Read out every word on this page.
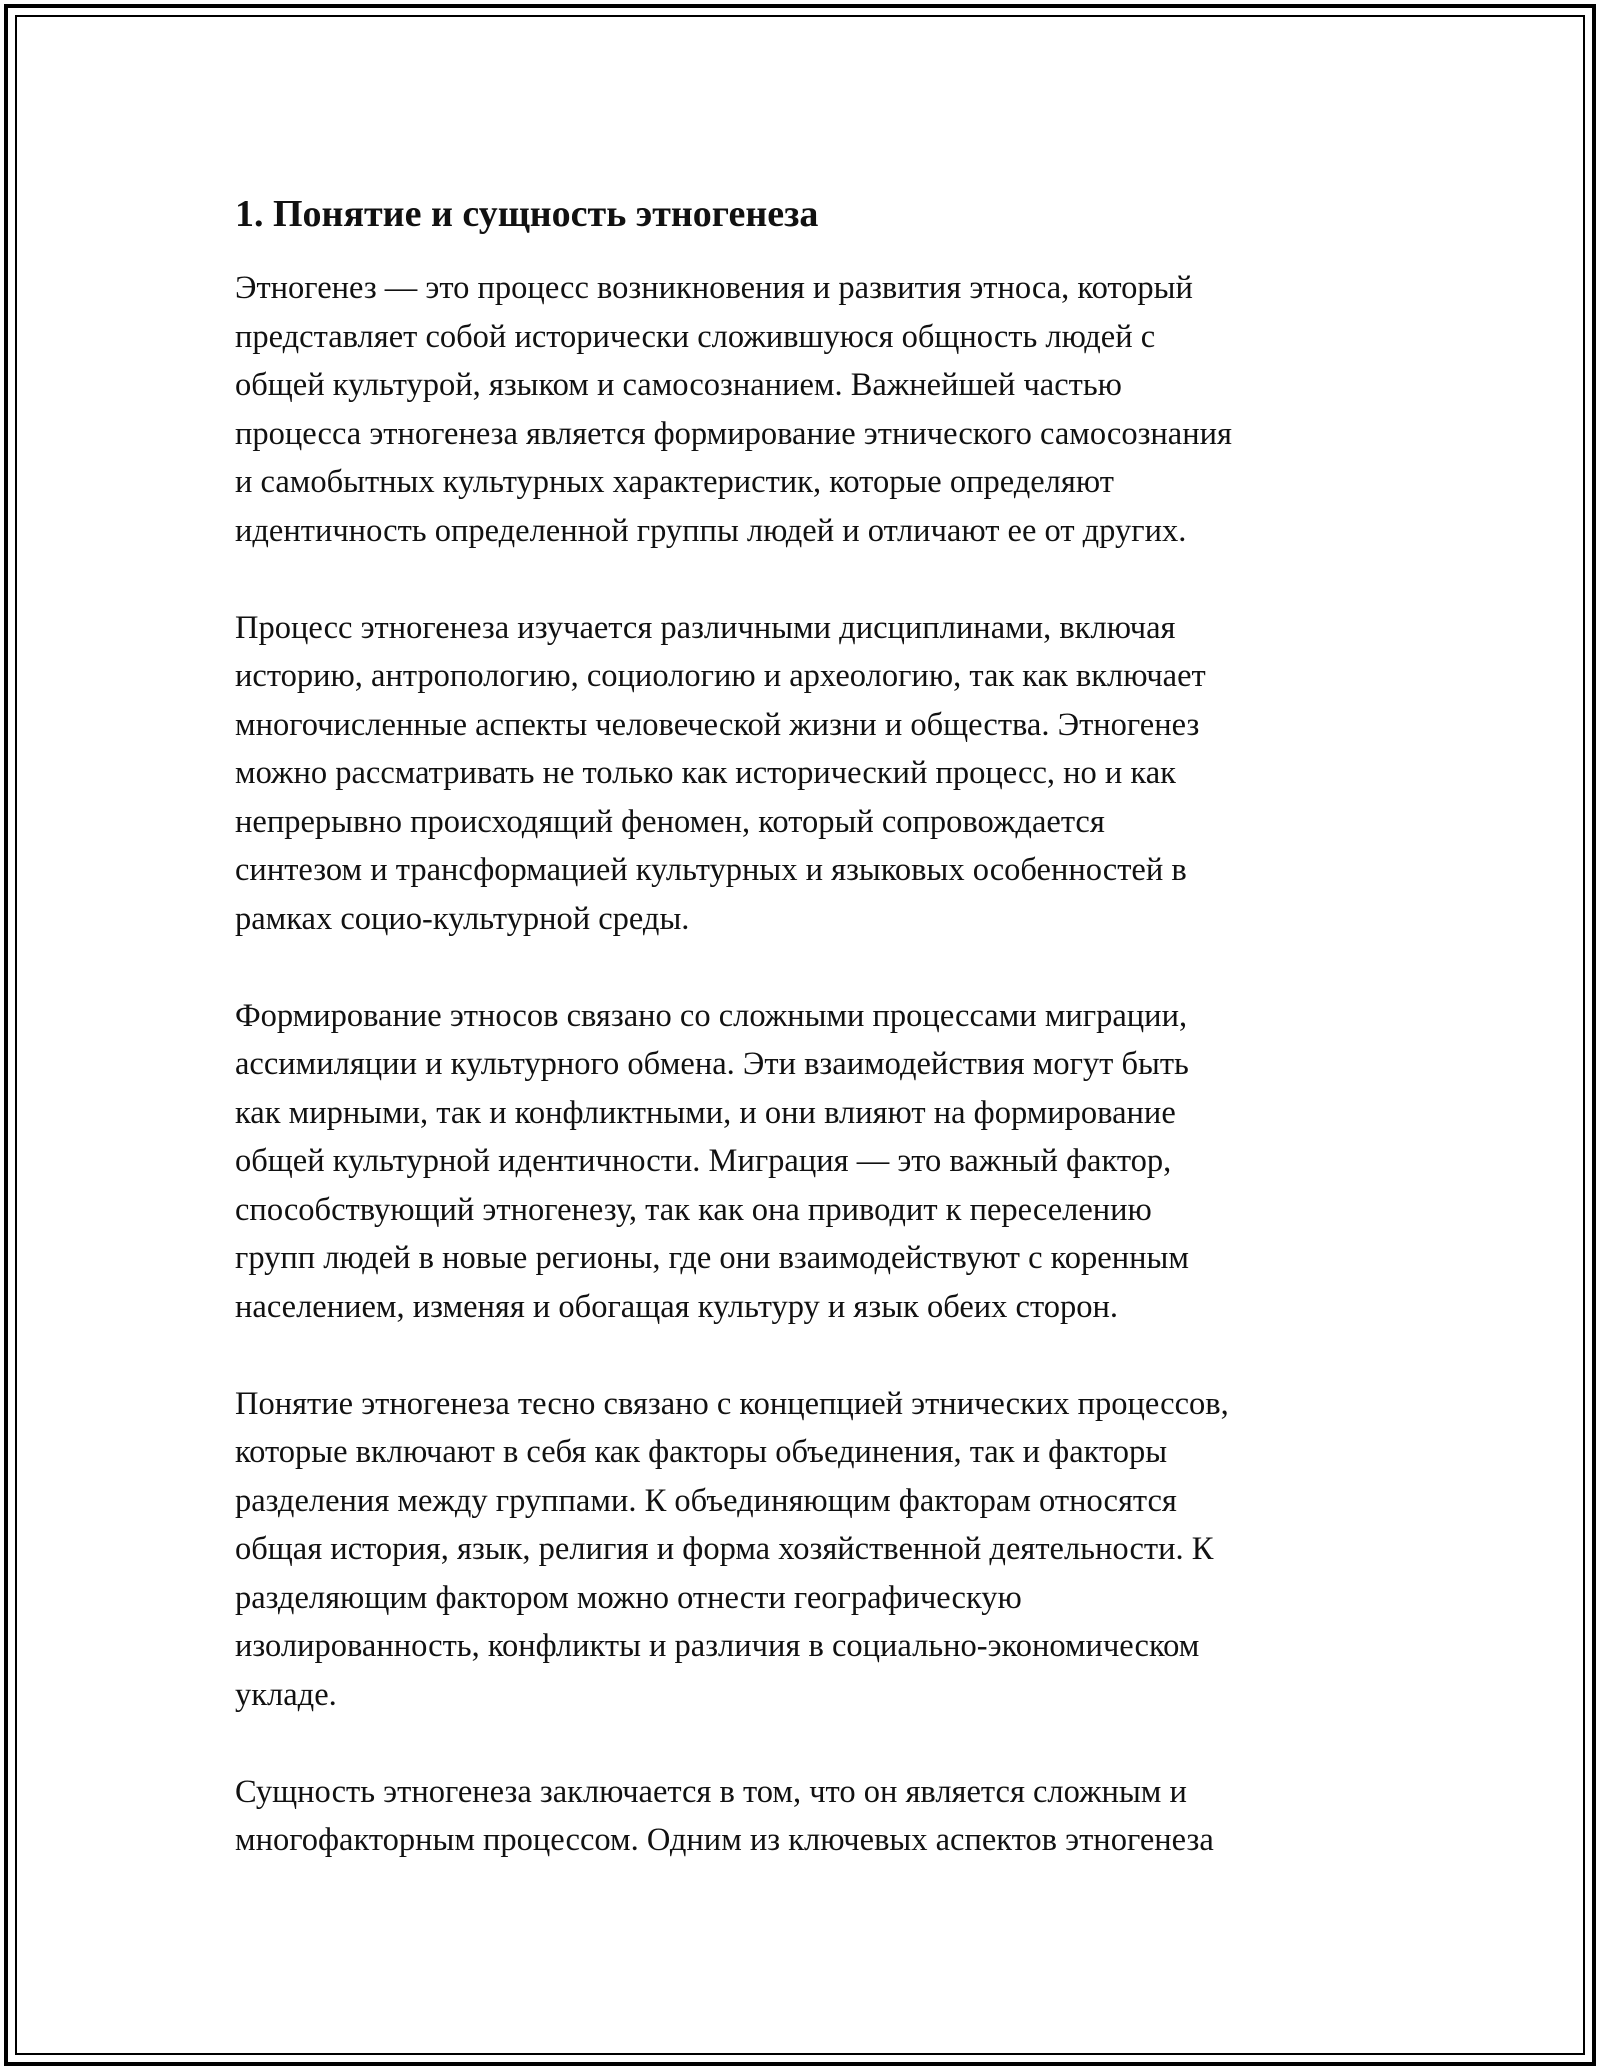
1. Понятие и сущность этногенеза
Этногенез — это процесс возникновения и развития этноса, который
представляет собой исторически сложившуюся общность людей с
общей культурой, языком и самосознанием. Важнейшей частью
процесса этногенеза является формирование этнического самосознания
и самобытных культурных характеристик, которые определяют
идентичность определенной группы людей и отличают ее от других.
Процесс этногенеза изучается различными дисциплинами, включая
историю, антропологию, социологию и археологию, так как включает
многочисленные аспекты человеческой жизни и общества. Этногенез
можно рассматривать не только как исторический процесс, но и как
непрерывно происходящий феномен, который сопровождается
синтезом и трансформацией культурных и языковых особенностей в
рамках социо-культурной среды.
Формирование этносов связано со сложными процессами миграции,
ассимиляции и культурного обмена. Эти взаимодействия могут быть
как мирными, так и конфликтными, и они влияют на формирование
общей культурной идентичности. Миграция — это важный фактор,
способствующий этногенезу, так как она приводит к переселению
групп людей в новые регионы, где они взаимодействуют с коренным
населением, изменяя и обогащая культуру и язык обеих сторон.
Понятие этногенеза тесно связано с концепцией этнических процессов,
которые включают в себя как факторы объединения, так и факторы
разделения между группами. К объединяющим факторам относятся
общая история, язык, религия и форма хозяйственной деятельности. К
разделяющим фактором можно отнести географическую
изолированность, конфликты и различия в социально-экономическом
укладе.
Сущность этногенеза заключается в том, что он является сложным и
многофакторным процессом. Одним из ключевых аспектов этногенеза
